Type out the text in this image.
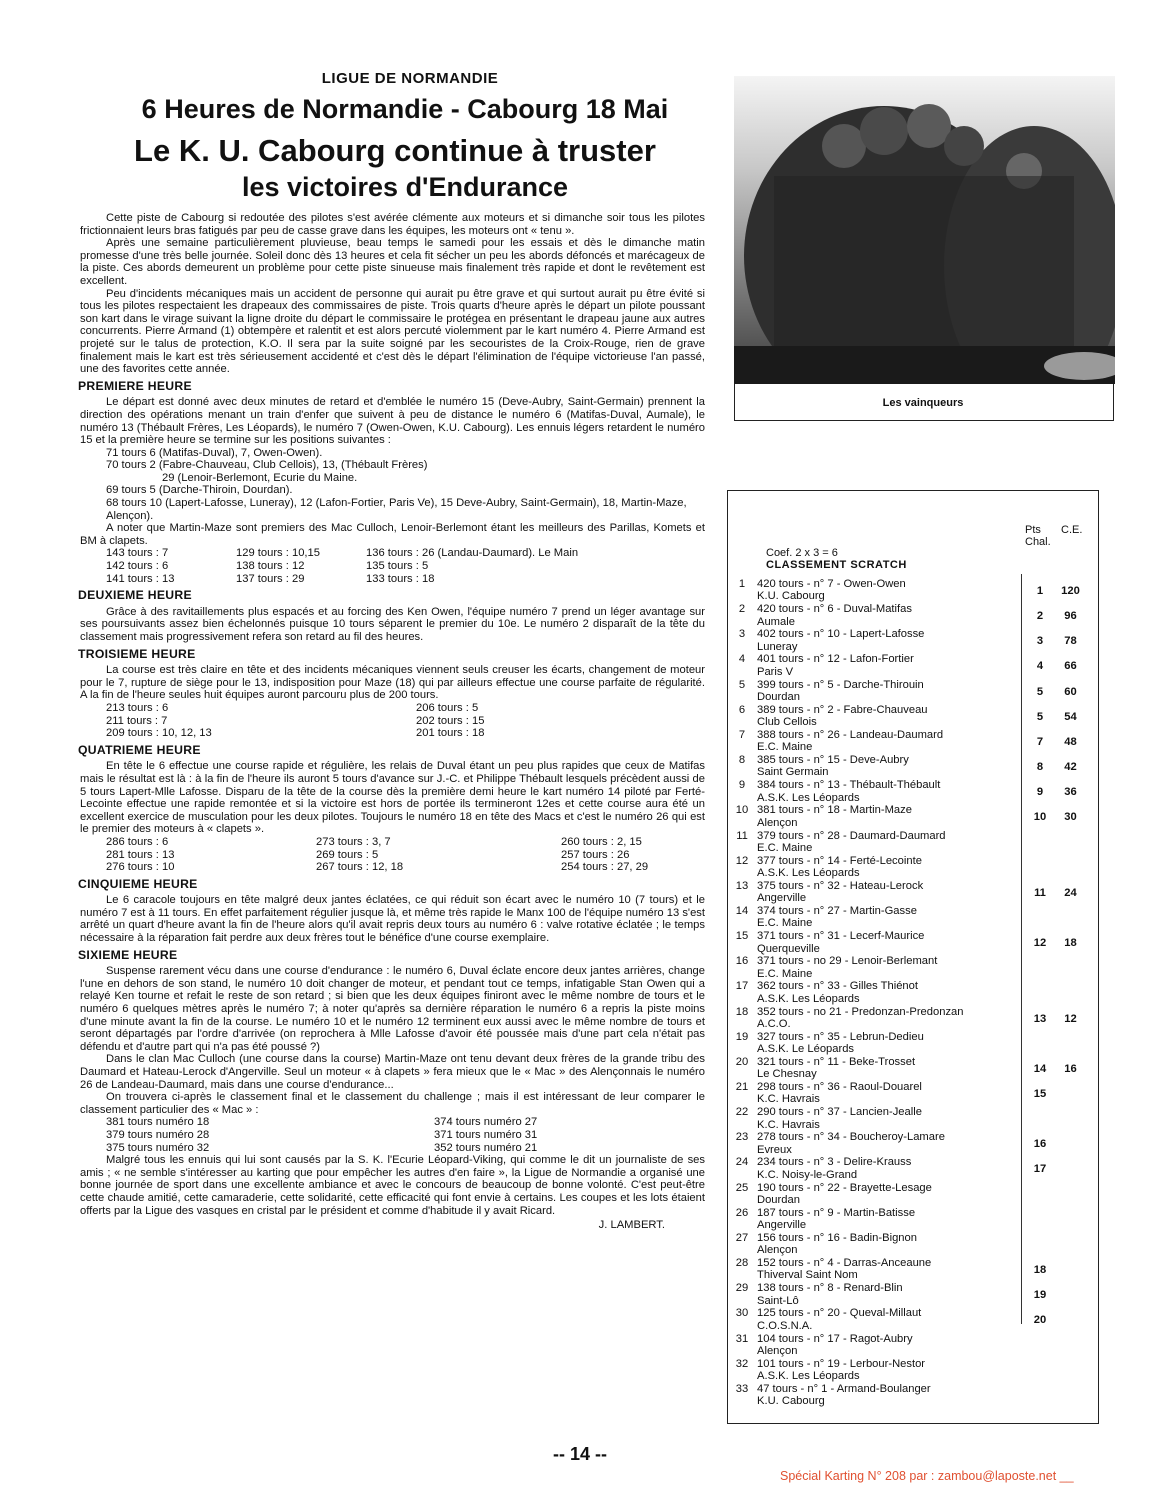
LIGUE DE NORMANDIE
6 Heures de Normandie - Cabourg 18 Mai
Le K. U. Cabourg continue à truster
les victoires d'Endurance
Les vainqueurs

Cette piste de Cabourg si redoutée des pilotes s'est avérée clémente aux moteurs et si dimanche soir tous les pilotes frictionnaient leurs bras fatigués par peu de casse grave dans les équipes, les moteurs ont « tenu ».

Après une semaine particulièrement pluvieuse, beau temps le samedi pour les essais et dès le dimanche matin promesse d'une très belle journée. Soleil donc dès 13 heures et cela fit sécher un peu les abords défoncés et marécageux de la piste. Ces abords demeurent un problème pour cette piste sinueuse mais finalement très rapide et dont le revêtement est excellent.

Peu d'incidents mécaniques mais un accident de personne qui aurait pu être grave et qui surtout aurait pu être évité si tous les pilotes respectaient les drapeaux des commissaires de piste. Trois quarts d'heure après le départ un pilote poussant son kart dans le virage suivant la ligne droite du départ le commissaire le protégea en présentant le drapeau jaune aux autres concurrents. Pierre Armand (1) obtempère et ralentit et est alors percuté violemment par le kart numéro 4. Pierre Armand est projeté sur le talus de protection, K.O. Il sera par la suite soigné par les secouristes de la Croix-Rouge, rien de grave finalement mais le kart est très sérieusement accidenté et c'est dès le départ l'élimination de l'équipe victorieuse l'an passé, une des favorites cette année.

PREMIERE HEURE

Le départ est donné avec deux minutes de retard et d'emblée le numéro 15 (Deve-Aubry, Saint-Germain) prennent la direction des opérations menant un train d'enfer que suivent à peu de distance le numéro 6 (Matifas-Duval, Aumale), le numéro 13 (Thébault Frères, Les Léopards), le numéro 7 (Owen-Owen, K.U. Cabourg). Les ennuis légers retardent le numéro 15 et la première heure se termine sur les positions suivantes :

71 tours 6 (Matifas-Duval), 7, Owen-Owen).

70 tours 2 (Fabre-Chauveau, Club Cellois), 13, (Thébault Frères)

29 (Lenoir-Berlemont, Ecurie du Maine.

69 tours 5 (Darche-Thiroin, Dourdan).

68 tours 10 (Lapert-Lafosse, Luneray), 12 (Lafon-Fortier, Paris Ve), 15 Deve-Aubry, Saint-Germain), 18, Martin-Maze, Alençon).

A noter que Martin-Maze sont premiers des Mac Culloch, Lenoir-Berlemont étant les meilleurs des Parillas, Komets et BM à clapets.

143 tours : 7	129 tours : 10,15	136 tours : 26 (Landau-Daumard). Le Main
142 tours : 6	138 tours : 12	135 tours : 5
141 tours : 13	137 tours : 29	133 tours : 18
DEUXIEME HEURE

Grâce à des ravitaillements plus espacés et au forcing des Ken Owen, l'équipe numéro 7 prend un léger avantage sur ses poursuivants assez bien échelonnés puisque 10 tours séparent le premier du 10e. Le numéro 2 disparaît de la tête du classement mais progressivement refera son retard au fil des heures.

TROISIEME HEURE

La course est très claire en tête et des incidents mécaniques viennent seuls creuser les écarts, changement de moteur pour le 7, rupture de siège pour le 13, indisposition pour Maze (18) qui par ailleurs effectue une course parfaite de régularité. A la fin de l'heure seules huit équipes auront parcouru plus de 200 tours.

213 tours : 6	206 tours : 5
211 tours : 7	202 tours : 15
209 tours : 10, 12, 13	201 tours : 18
QUATRIEME HEURE

En tête le 6 effectue une course rapide et régulière, les relais de Duval étant un peu plus rapides que ceux de Matifas mais le résultat est là : à la fin de l'heure ils auront 5 tours d'avance sur J.-C. et Philippe Thébault lesquels précèdent aussi de 5 tours Lapert-Mlle Lafosse. Disparu de la tête de la course dès la première demi heure le kart numéro 14 piloté par Ferté-Lecointe effectue une rapide remontée et si la victoire est hors de portée ils termineront 12es et cette course aura été un excellent exercice de musculation pour les deux pilotes. Toujours le numéro 18 en tête des Macs et c'est le numéro 26 qui est le premier des moteurs à « clapets ».

286 tours : 6	273 tours : 3, 7	260 tours : 2, 15
281 tours : 13	269 tours : 5	257 tours : 26
276 tours : 10	267 tours : 12, 18	254 tours : 27, 29
CINQUIEME HEURE

Le 6 caracole toujours en tête malgré deux jantes éclatées, ce qui réduit son écart avec le numéro 10 (7 tours) et le numéro 7 est à 11 tours. En effet parfaitement régulier jusque là, et même très rapide le Manx 100 de l'équipe numéro 13 s'est arrêté un quart d'heure avant la fin de l'heure alors qu'il avait repris deux tours au numéro 6 : valve rotative éclatée ; le temps nécessaire à la réparation fait perdre aux deux frères tout le bénéfice d'une course exemplaire.

SIXIEME HEURE

Suspense rarement vécu dans une course d'endurance : le numéro 6, Duval éclate encore deux jantes arrières, change l'une en dehors de son stand, le numéro 10 doit changer de moteur, et pendant tout ce temps, infatigable Stan Owen qui a relayé Ken tourne et refait le reste de son retard ; si bien que les deux équipes finiront avec le même nombre de tours et le numéro 6 quelques mètres après le numéro 7; à noter qu'après sa dernière réparation le numéro 6 a repris la piste moins d'une minute avant la fin de la course. Le numéro 10 et le numéro 12 terminent eux aussi avec le même nombre de tours et seront départagés par l'ordre d'arrivée (on reprochera à Mlle Lafosse d'avoir été poussée mais d'une part cela n'était pas défendu et d'autre part qui n'a pas été poussé ?)

Dans le clan Mac Culloch (une course dans la course) Martin-Maze ont tenu devant deux frères de la grande tribu des Daumard et Hateau-Lerock d'Angerville. Seul un moteur « à clapets » fera mieux que le « Mac » des Alençonnais le numéro 26 de Landeau-Daumard, mais dans une course d'endurance...

On trouvera ci-après le classement final et le classement du challenge ; mais il est intéressant de leur comparer le classement particulier des « Mac » :

381 tours numéro 18	374 tours numéro 27
379 tours numéro 28	371 tours numéro 31
375 tours numéro 32	352 tours numéro 21

Malgré tous les ennuis qui lui sont causés par la S. K. l'Ecurie Léopard-Viking, qui comme le dit un journaliste de ses amis ; « ne semble s'intéresser au karting que pour empêcher les autres d'en faire », la Ligue de Normandie a organisé une bonne journée de sport dans une excellente ambiance et avec le concours de beaucoup de bonne volonté. C'est peut-être cette chaude amitié, cette camaraderie, cette solidarité, cette efficacité qui font envie à certains. Les coupes et les lots étaient offerts par la Ligue des vasques en cristal par le président et comme d'habitude il y avait Ricard.

J. LAMBERT.
Pts Chal.
C.E.
Coef. 2 x 3 = 6
CLASSEMENT SCRATCH
1	420 tours - n° 7 - Owen-Owen
K.U. Cabourg	1	120
2	420 tours - n° 6 - Duval-Matifas
Aumale	2	96
3	402 tours - n° 10 - Lapert-Lafosse
Luneray	3	78
4	401 tours - n° 12 - Lafon-Fortier
Paris V	4	66
5	399 tours - n° 5 - Darche-Thirouin
Dourdan	5	60
6	389 tours - n° 2 - Fabre-Chauveau
Club Cellois	5	54
7	388 tours - n° 26 - Landeau-Daumard
E.C. Maine	7	48
8	385 tours - n° 15 - Deve-Aubry
Saint Germain	8	42
9	384 tours - n° 13 - Thébault-Thébault
A.S.K. Les Léopards	9	36
10 381 tours - n° 18 - Martin-Maze
Alençon	10	30
11 379 tours - n° 28 - Daumard-Daumard
E.C. Maine
12 377 tours - n° 14 - Ferté-Lecointe
A.S.K. Les Léopards
13 375 tours - n° 32 - Hateau-Lerock
Angerville	11	24
14 374 tours - n° 27 - Martin-Gasse
E.C. Maine
15 371 tours - n° 31 - Lecerf-Maurice
Querqueville	12	18
16 371 tours - no 29 - Lenoir-Berlemant
E.C. Maine
17 362 tours - n° 33 - Gilles Thiénot
A.S.K. Les Léopards
18 352 tours - no 21 - Predonzan-Predonzan
A.C.O.	13	12
19 327 tours - n° 35 - Lebrun-Dedieu
A.S.K. Le Léopards
20 321 tours - n° 11 - Beke-Trosset
Le Chesnay	14	16
21 298 tours - n° 36 - Raoul-Douarel
K.C. Havrais	15
22 290 tours - n° 37 - Lancien-Jealle
K.C. Havrais
23 278 tours - n° 34 - Boucheroy-Lamare
Evreux	16
24 234 tours - n° 3 - Delire-Krauss
K.C. Noisy-le-Grand	17
25 190 tours - n° 22 - Brayette-Lesage
Dourdan
26 187 tours - n° 9 - Martin-Batisse
Angerville
27 156 tours - n° 16 - Badin-Bignon
Alençon
28 152 tours - n° 4 - Darras-Anceaune
Thiverval Saint Nom	18
29 138 tours - n° 8 - Renard-Blin
Saint-Lô	19
30 125 tours - n° 20 - Queval-Millaut
C.O.S.N.A.	20
31 104 tours - n° 17 - Ragot-Aubry
Alençon
32 101 tours - n° 19 - Lerbour-Nestor
A.S.K. Les Léopards
33 47 tours - n° 1 - Armand-Boulanger
K.U. Cabourg
-- 14 --
Spécial Karting N° 208 par : zambou@laposte.net __
